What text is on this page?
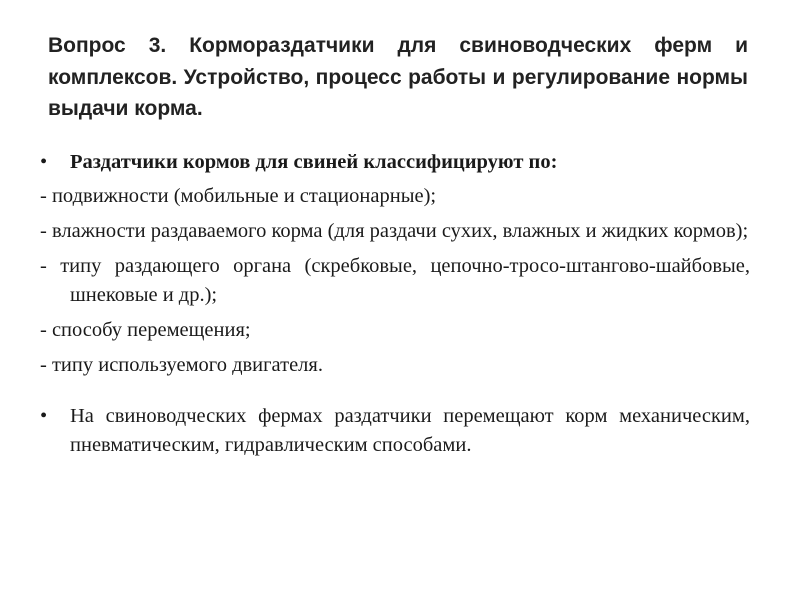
Вопрос 3. Кормораздатчики для свиноводческих ферм и комплексов. Устройство, процесс работы и регулирование нормы выдачи корма.
•	Раздатчики кормов для свиней классифицируют по:
- подвижности (мобильные и стационарные);
- влажности раздаваемого корма (для раздачи сухих, влажных и жидких кормов);
- типу раздающего органа (скребковые, цепочно-тросо-штангово-шайбовые, шнековые и др.);
- способу перемещения;
- типу используемого двигателя.
•	На свиноводческих фермах раздатчики перемещают корм механическим, пневматическим, гидравлическим способами.
